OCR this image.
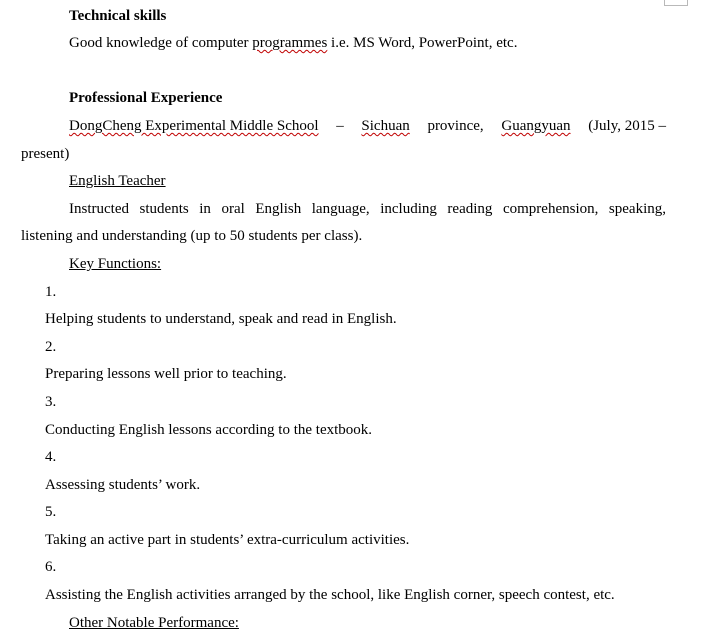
Technical skills
Good knowledge of computer programmes i.e. MS Word, PowerPoint, etc.
Professional Experience
DongCheng Experimental Middle School – Sichuan province, Guangyuan (July, 2015 –
present)
English Teacher
Instructed students in oral English language, including reading comprehension, speaking,
listening and understanding (up to 50 students per class).
Key Functions:
1.
Helping students to understand, speak and read in English.
2.
Preparing lessons well prior to teaching.
3.
Conducting English lessons according to the textbook.
4.
Assessing students’ work.
5.
Taking an active part in students’ extra-curriculum activities.
6.
Assisting the English activities arranged by the school, like English corner, speech contest, etc.
Other Notable Performance:
